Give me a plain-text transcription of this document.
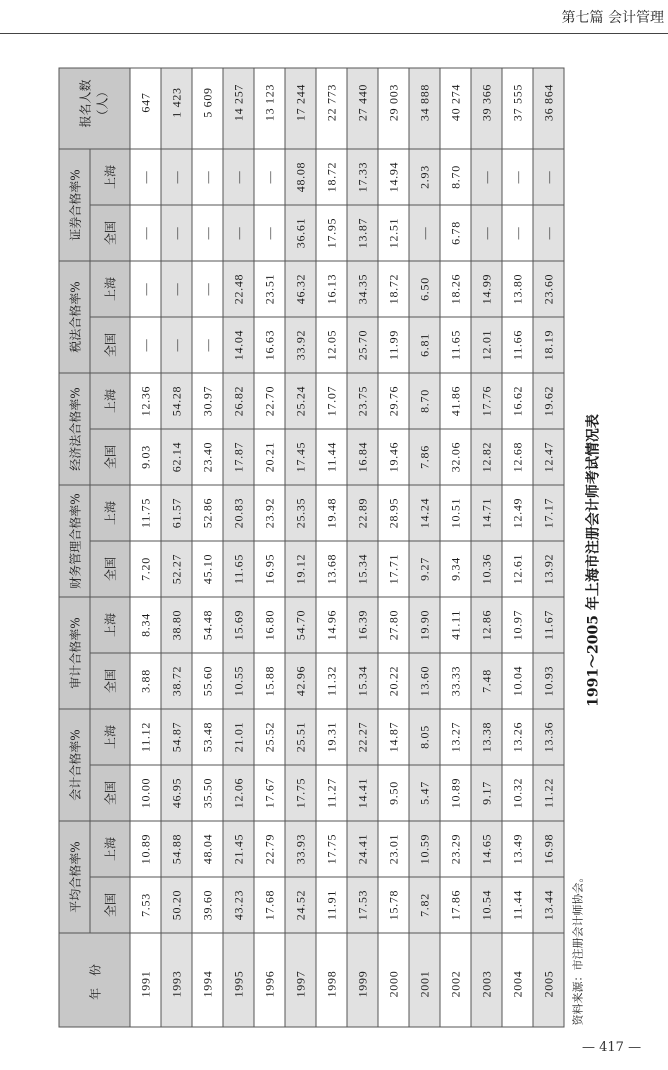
第七篇 会计管理
年 份	平均合格率%		会计合格率%		审计合格率%		财务管理合格率%		经济法合格率%		税法合格率%		证券合格率%		报名人数 （人）
	全国	上海	全国	上海	全国	上海	全国	上海	全国	上海	全国	上海	全国	上海	
1991	7.53	10.89	10.00	11.12	3.88	8.34	7.20	11.75	9.03	12.36	—	—	—	—	647
1993	50.20	54.88	46.95	54.87	38.72	38.80	52.27	61.57	62.14	54.28	—	—	—	—	1 423
1994	39.60	48.04	35.50	53.48	55.60	54.48	45.10	52.86	23.40	30.97	—	—	—	—	5 609
1995	43.23	21.45	12.06	21.01	10.55	15.69	11.65	20.83	17.87	26.82	14.04	22.48	—	—	14 257
1996	17.68	22.79	17.67	25.52	15.88	16.80	16.95	23.92	20.21	22.70	16.63	23.51	—	—	13 123
1997	24.52	33.93	17.75	25.51	42.96	54.70	19.12	25.35	17.45	25.24	33.92	46.32	36.61	48.08	17 244
1998	11.91	17.75	11.27	19.31	11.32	14.96	13.68	19.48	11.44	17.07	12.05	16.13	17.95	18.72	22 773
1999	17.53	24.41	14.41	22.27	15.34	16.39	15.34	22.89	16.84	23.75	25.70	34.35	13.87	17.33	27 440
2000	15.78	23.01	9.50	14.87	20.22	27.80	17.71	28.95	19.46	29.76	11.99	18.72	12.51	14.94	29 003
2001	7.82	10.59	5.47	8.05	13.60	19.90	9.27	14.24	7.86	8.70	6.81	6.50	—	2.93	34 888
2002	17.86	23.29	10.89	13.27	33.33	41.11	9.34	10.51	32.06	41.86	11.65	18.26	6.78	8.70	40 274
2003	10.54	14.65	9.17	13.38	7.48	12.86	10.36	14.71	12.82	17.76	12.01	14.99	—	—	39 366
2004	11.44	13.49	10.32	13.26	10.04	10.97	12.61	12.49	12.68	16.62	11.66	13.80	—	—	37 555
2005	13.44	16.98	11.22	13.36	10.93	11.67	13.92	17.17	12.47	19.62	18.19	23.60	—	—	36 864
资料来源：市注册会计师协会。
1991～2005 年上海市注册会计师考试情况表
— 417 —
